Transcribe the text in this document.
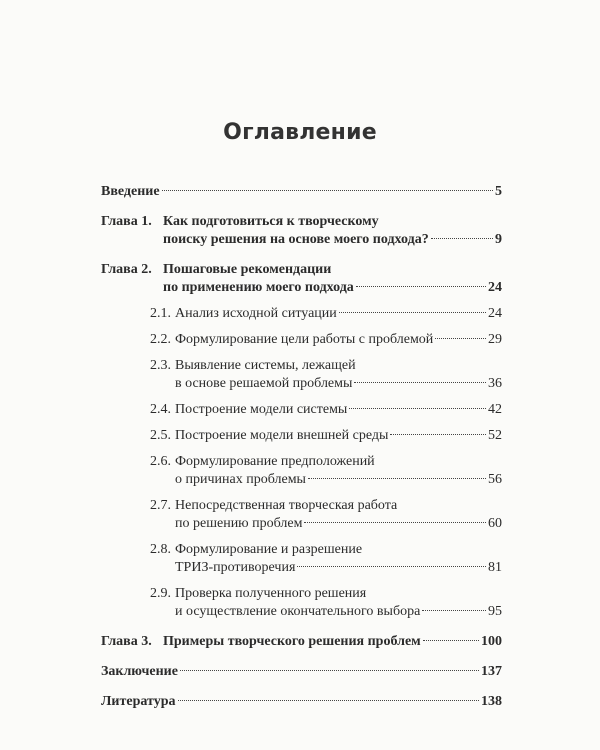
Оглавление
Введение	5
Глава 1. Как подготовиться к творческому
поиску решения на основе моего подхода?	9
Глава 2. Пошаговые рекомендации
по применению моего подхода	24
2.1. Анализ исходной ситуации	24
2.2. Формулирование цели работы с проблемой	29
2.3. Выявление системы, лежащей
в основе решаемой проблемы	36
2.4. Построение модели системы	42
2.5. Построение модели внешней среды	52
2.6. Формулирование предположений
о причинах проблемы	56
2.7. Непосредственная творческая работа
по решению проблем	60
2.8. Формулирование и разрешение
ТРИЗ-противоречия	81
2.9. Проверка полученного решения
и осуществление окончательного выбора	95
Глава 3. Примеры творческого решения проблем	100
Заключение	137
Литература	138
